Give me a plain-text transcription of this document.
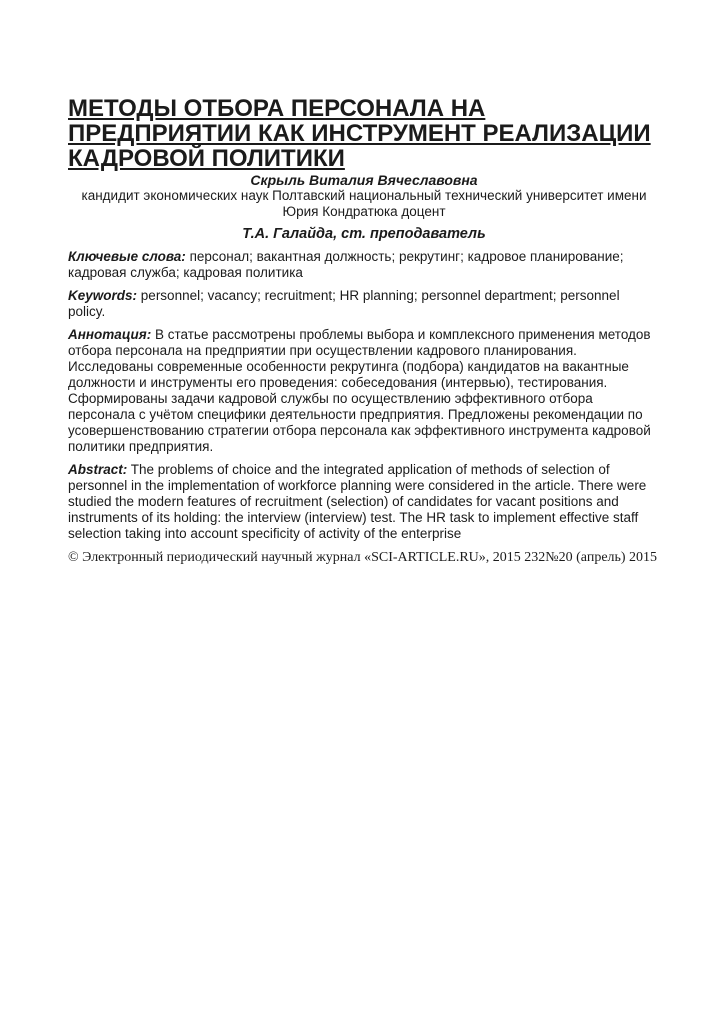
МЕТОДЫ ОТБОРА ПЕРСОНАЛА НА ПРЕДПРИЯТИИ КАК ИНСТРУМЕНТ РЕАЛИЗАЦИИ КАДРОВОЙ ПОЛИТИКИ
Скрыль Виталия Вячеславовна
кандидит экономических наук Полтавский национальный технический университет имени Юрия Кондратюка доцент
Т.А. Галайда, ст. преподаватель

Ключевые слова: персонал; вакантная должность; рекрутинг; кадровое планирование; кадровая служба; кадровая политика

Keywords: personnel; vacancy; recruitment; HR planning; personnel department; personnel policy.

Аннотация: В статье рассмотрены проблемы выбора и комплексного применения методов отбора персонала на предприятии при осуществлении кадрового планирования. Исследованы современные особенности рекрутинга (подбора) кандидатов на вакантные должности и инструменты его проведения: собеседования (интервью), тестирования. Сформированы задачи кадровой службы по осуществлению эффективного отбора персонала с учётом специфики деятельности предприятия. Предложены рекомендации по усовершенствованию стратегии отбора персонала как эффективного инструмента кадровой политики предприятия.

Abstract: The problems of choice and the integrated application of methods of selection of personnel in the implementation of workforce planning were considered in the article. There were studied the modern features of recruitment (selection) of candidates for vacant positions and instruments of its holding: the interview (interview) test. The HR task to implement effective staff selection taking into account specificity of activity of the enterprise

© Электронный периодический научный журнал «SCI-ARTICLE.RU», 2015 232№20 (апрель) 2015
